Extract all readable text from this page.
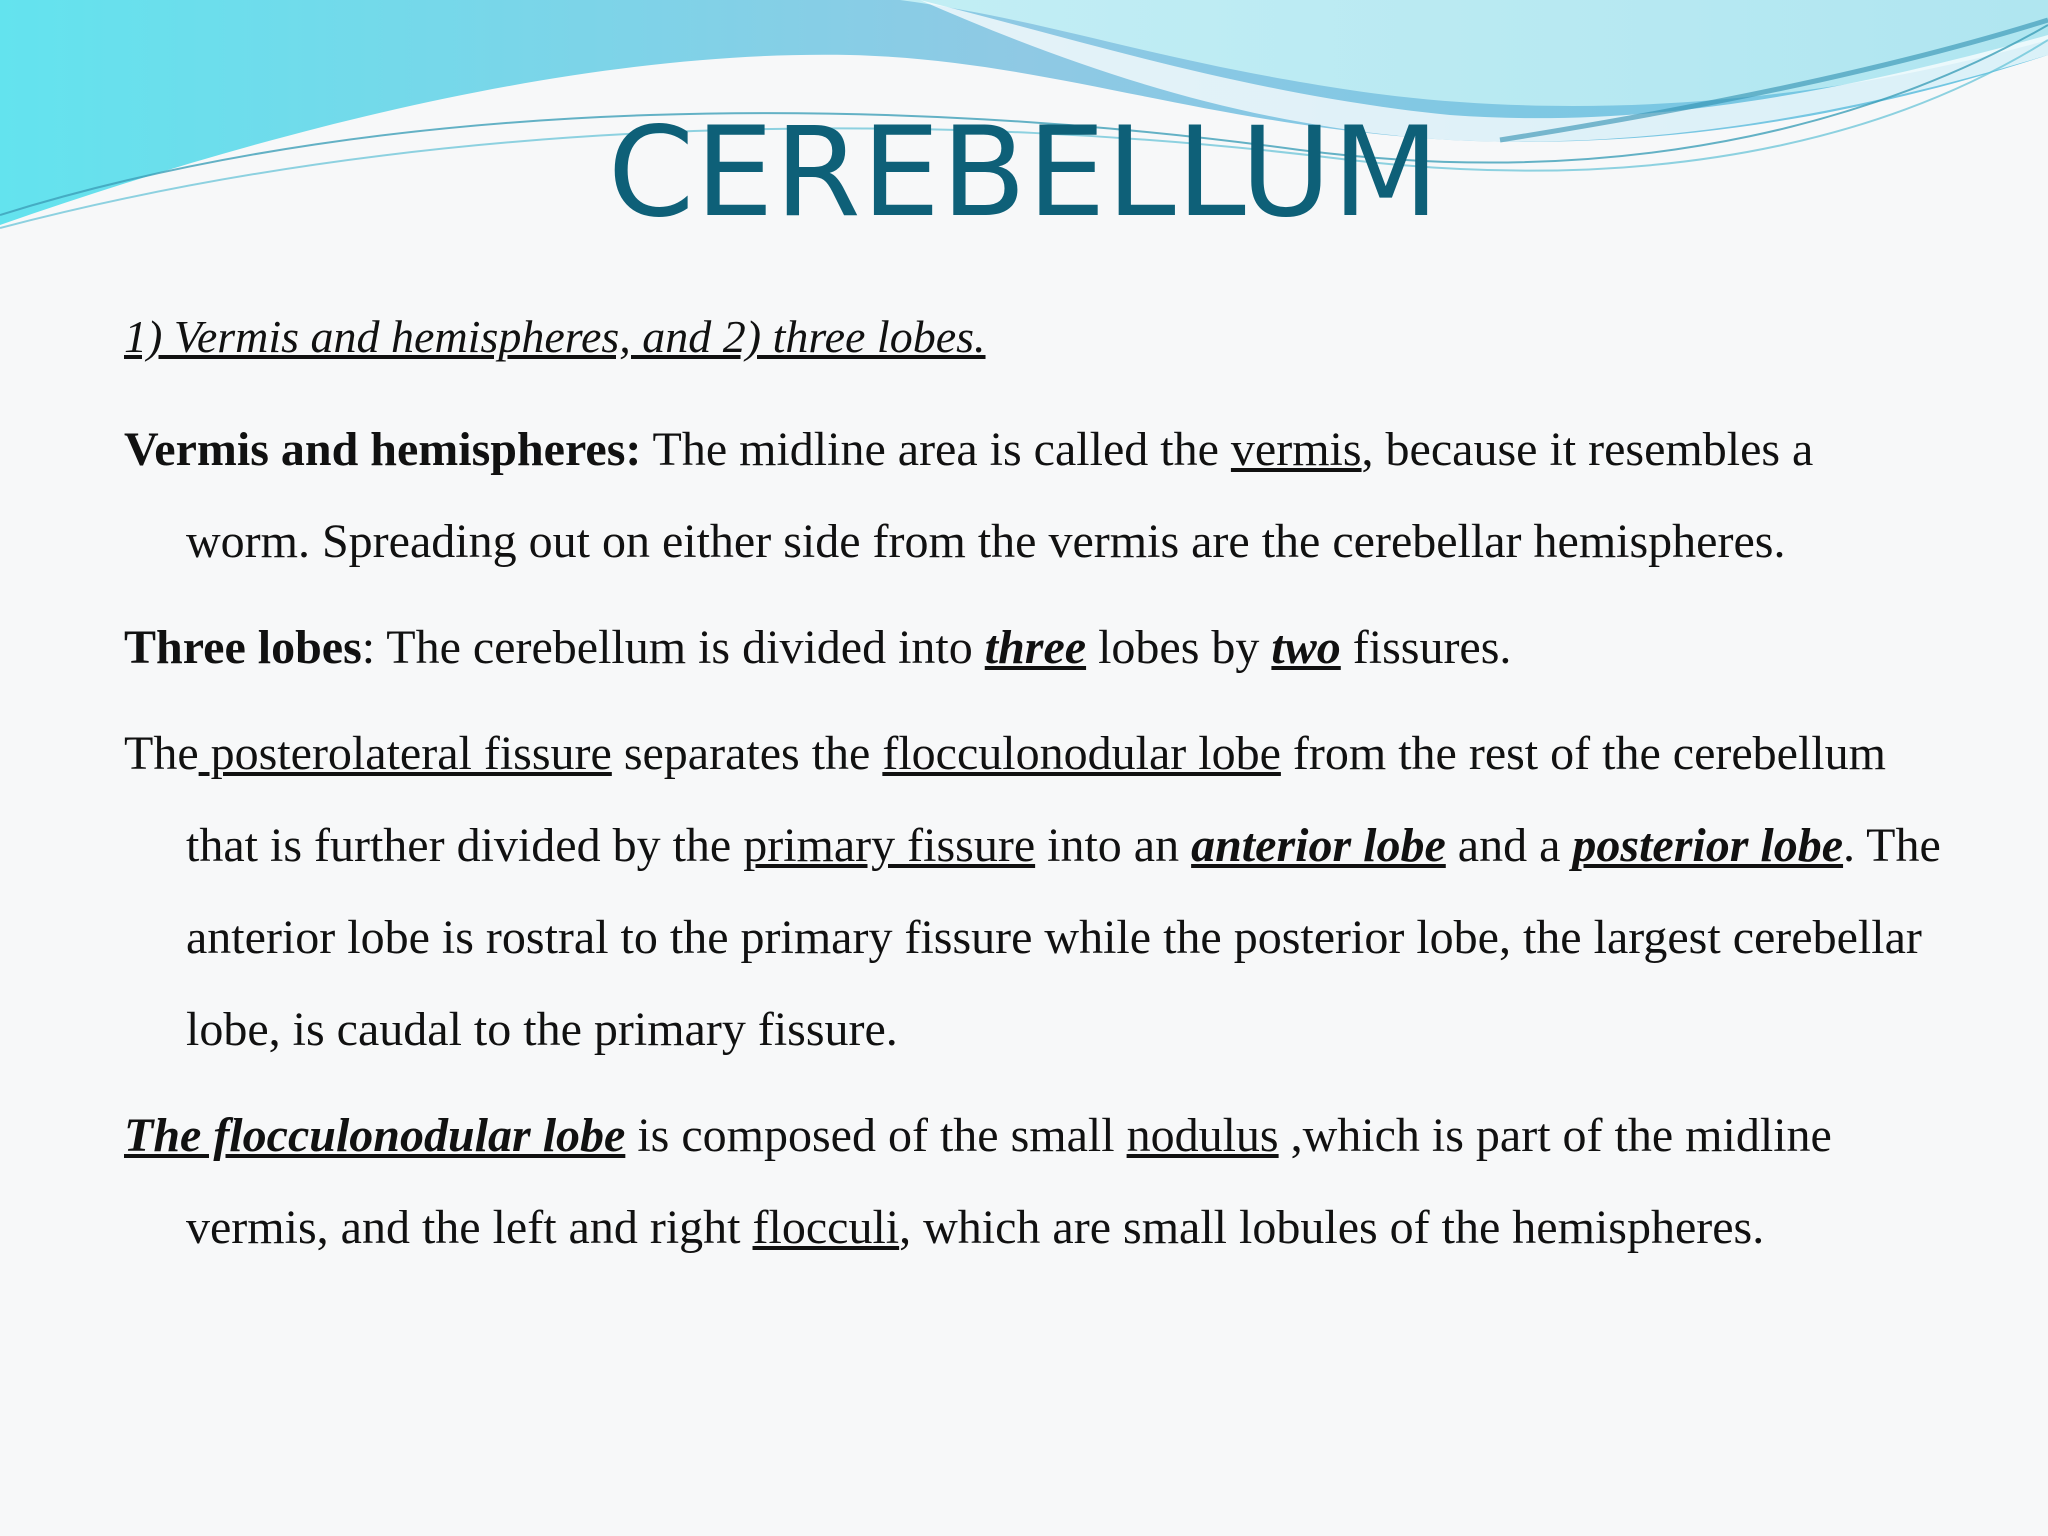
CEREBELLUM

1) Vermis and hemispheres, and 2) three lobes.

Vermis and hemispheres: The midline area is called the vermis, because it resembles a worm. Spreading out on either side from the vermis are the cerebellar hemispheres.

Three lobes: The cerebellum is divided into three lobes by two fissures.

The posterolateral fissure separates the flocculonodular lobe from the rest of the cerebellum that is further divided by the primary fissure into an anterior lobe and a posterior lobe. The anterior lobe is rostral to the primary fissure while the posterior lobe, the largest cerebellar lobe, is caudal to the primary fissure.

The flocculonodular lobe is composed of the small nodulus ,which is part of the midline vermis, and the left and right flocculi, which are small lobules of the hemispheres.
